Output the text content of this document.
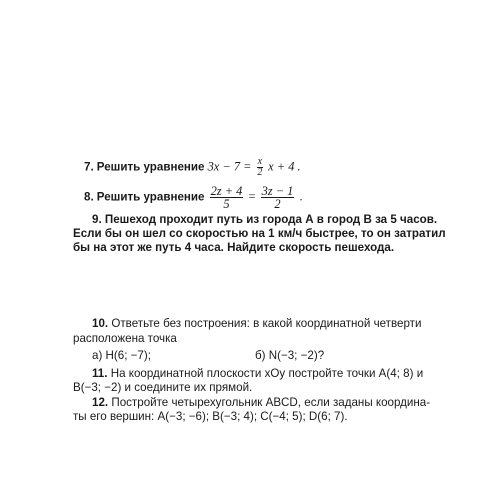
7. Решить уравнение $3x - 7 = \frac{x}{2}$ x + 4 .
8. Решить уравнение $\frac{2z + 4}{5} = \frac{3z - 1}{2}$ .
9. Пешеход проходит путь из города А в город В за 5 часов.
Если бы он шел со скоростью на 1 км/ч быстрее, то он затратил
бы на этот же путь 4 часа. Найдите скорость пешехода.
10. Ответьте без построения: в какой координатной четверти
расположена точка
а) H(6; −7);	б) N(−3; −2)?
11. На координатной плоскости xOy постройте точки A(4; 8) и
B(−3; −2) и соедините их прямой.
12. Постройте четырехугольник ABCD, если заданы координа-
ты его вершин: A(−3; −6); B(−3; 4); C(−4; 5); D(6; 7).
